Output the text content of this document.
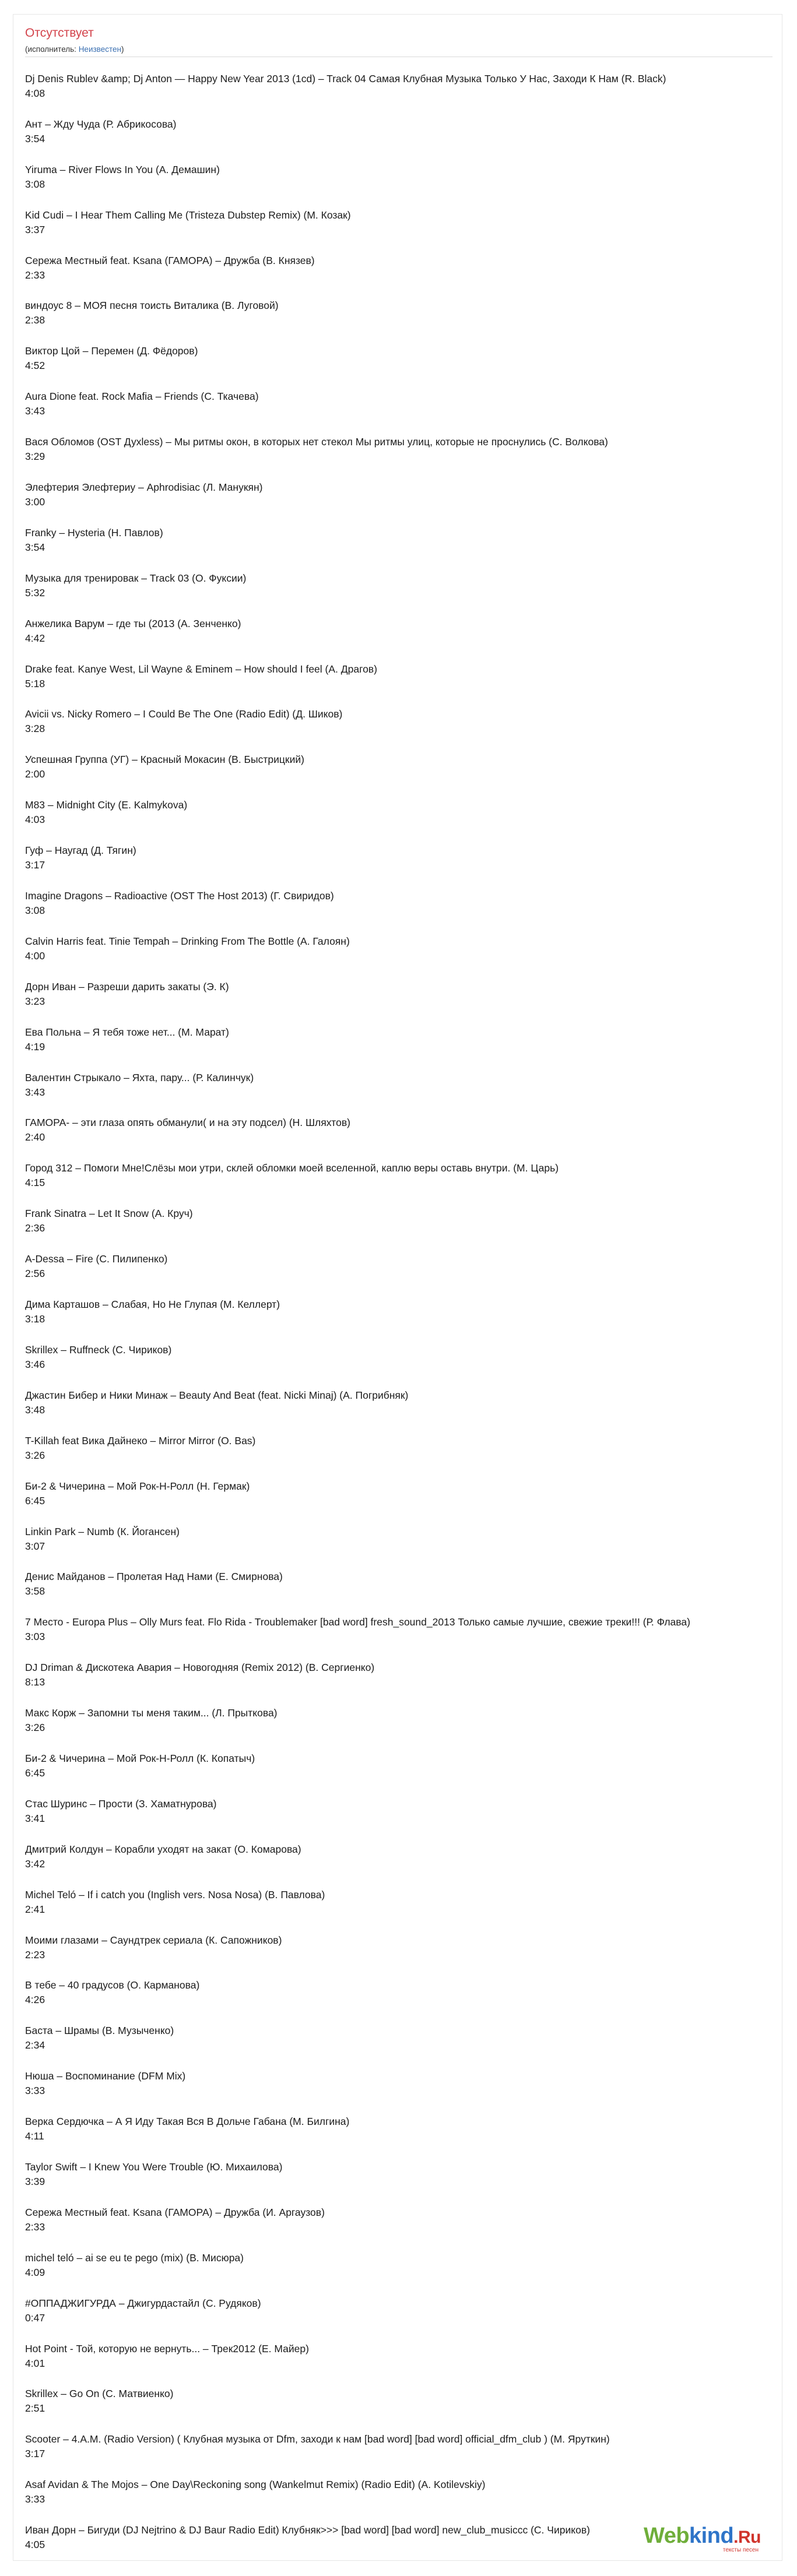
Отсутствует
(исполнитель: Неизвестен)
Dj Denis Rublev &amp; Dj Anton — Happy New Year 2013 (1cd) – Track 04 Самая Клубная Музыка Только У Нас, Заходи К Нам (R. Black)
4:08
Ант – Жду Чуда (Р. Абрикосова)
3:54
Yiruma – River Flows In You (А. Демашин)
3:08
Kid Cudi – I Hear Them Calling Me (Tristeza Dubstep Remix) (М. Козак)
3:37
Сережа Местный feat. Ksana (ГАМОРА) – Дружба (В. Князев)
2:33
виндоус 8 – МОЯ песня тоисть Виталика (В. Луговой)
2:38
Виктор Цой – Перемен (Д. Фёдоров)
4:52
Aura Dione feat. Rock Mafia – Friends (С. Ткачева)
3:43
Вася Обломов (OST Духless) – Мы ритмы окон, в которых нет стекол Мы ритмы улиц, которые не проснулись (С. Волкова)
3:29
Элефтерия Элефтериу – Aphrodisiac (Л. Манукян)
3:00
Franky – Hysteria (Н. Павлов)
3:54
Музыка для тренировак – Track 03 (О. Фуксии)
5:32
Анжелика Варум – где ты (2013 (А. Зенченко)
4:42
Drake feat. Kanye West, Lil Wayne & Eminem – How should I feel (А. Драгов)
5:18
Avicii vs. Nicky Romero – I Could Be The One (Radio Edit) (Д. Шиков)
3:28
Успешная Группа (УГ) – Красный Мокасин (В. Быстрицкий)
2:00
M83 – Midnight City (E. Kalmykova)
4:03
Гуф – Наугад (Д. Тягин)
3:17
Imagine Dragons – Radioactive (OST The Host 2013) (Г. Свиридов)
3:08
Calvin Harris feat. Tinie Tempah – Drinking From The Bottle (А. Галоян)
4:00
Дорн Иван – Разреши дарить закаты (Э. К)
3:23
Ева Польна – Я тебя тоже нет... (М. Марат)
4:19
Валентин Стрыкало – Яхта, пару... (Р. Калинчук)
3:43
ГАМОРА- – эти глаза опять обманули( и на эту подсел) (Н. Шляхтов)
2:40
Город 312 – Помоги Мне!Слёзы мои утри, склей обломки моей вселенной, каплю веры оставь внутри. (М. Царь)
4:15
Frank Sinatra – Let It Snow (А. Круч)
2:36
A-Dessa – Fire (С. Пилипенко)
2:56
Дима Карташов – Слабая, Но Не Глупая (М. Келлерт)
3:18
Skrillex – Ruffneck (С. Чириков)
3:46
Джастин Бибер и Ники Минаж – Beauty And Beat (feat. Nicki Minaj) (А. Погрибняк)
3:48
T-Killah feat Вика Дайнеко – Mirror Mirror (О. Bas)
3:26
Би-2 & Чичерина – Мой Рок-Н-Ролл (Н. Гермак)
6:45
Linkin Park – Numb (К. Йогансен)
3:07
Денис Майданов – Пролетая Над Нами (Е. Смирнова)
3:58
7 Место - Europa Plus – Olly Murs feat. Flo Rida - Troublemaker [bad word] fresh_sound_2013 Только самые лучшие, свежие треки!!! (Р. Флава)
3:03
DJ Driman & Дискотека Авария – Новогодняя (Remix 2012) (В. Сергиенко)
8:13
Макс Корж – Запомни ты меня таким... (Л. Прыткова)
3:26
Би-2 & Чичерина – Мой Рок-Н-Ролл (К. Копатыч)
6:45
Стас Шуринс – Прости (З. Хаматнурова)
3:41
Дмитрий Колдун – Корабли уходят на закат (О. Комарова)
3:42
Michel Teló – If i catch you (Inglish vers. Nosa Nosa) (В. Павлова)
2:41
Моими глазами – Саундтрек сериала (К. Сапожников)
2:23
В тебе – 40 градусов (О. Карманова)
4:26
Баста – Шрамы (В. Музыченко)
2:34
Нюша – Воспоминание (DFM Mix)
3:33
Верка Сердючка – А Я Иду Такая Вся В Дольче Габана (М. Билгина)
4:11
Taylor Swift – I Knew You Were Trouble (Ю. Михаилова)
3:39
Сережа Местный feat. Ksana (ГАМОРА) – Дружба (И. Аргаузов)
2:33
michel teló – ai se eu te pego (mix) (В. Мисюра)
4:09
#ОППАДЖИГУРДА – Джигурдастайл (С. Рудяков)
0:47
Hot Point - Той, которую не вернуть... – Трек2012 (Е. Майер)
4:01
Skrillex – Go On (С. Матвиенко)
2:51
Scooter – 4.A.M. (Radio Version) ( Клубная музыка от Dfm, заходи к нам [bad word] [bad word] official_dfm_club ) (М. Яруткин)
3:17
Asaf Avidan & The Mojos – One Day\Reckoning song (Wankelmut Remix) (Radio Edit) (A. Kotilevskiy)
3:33
Иван Дорн – Бигуди (DJ Nejtrino & DJ Baur Radio Edit) Клубняк>>> [bad word] [bad word] new_club_musiccc (С. Чириков)
4:05	Webkind.Ru
тексты песен
